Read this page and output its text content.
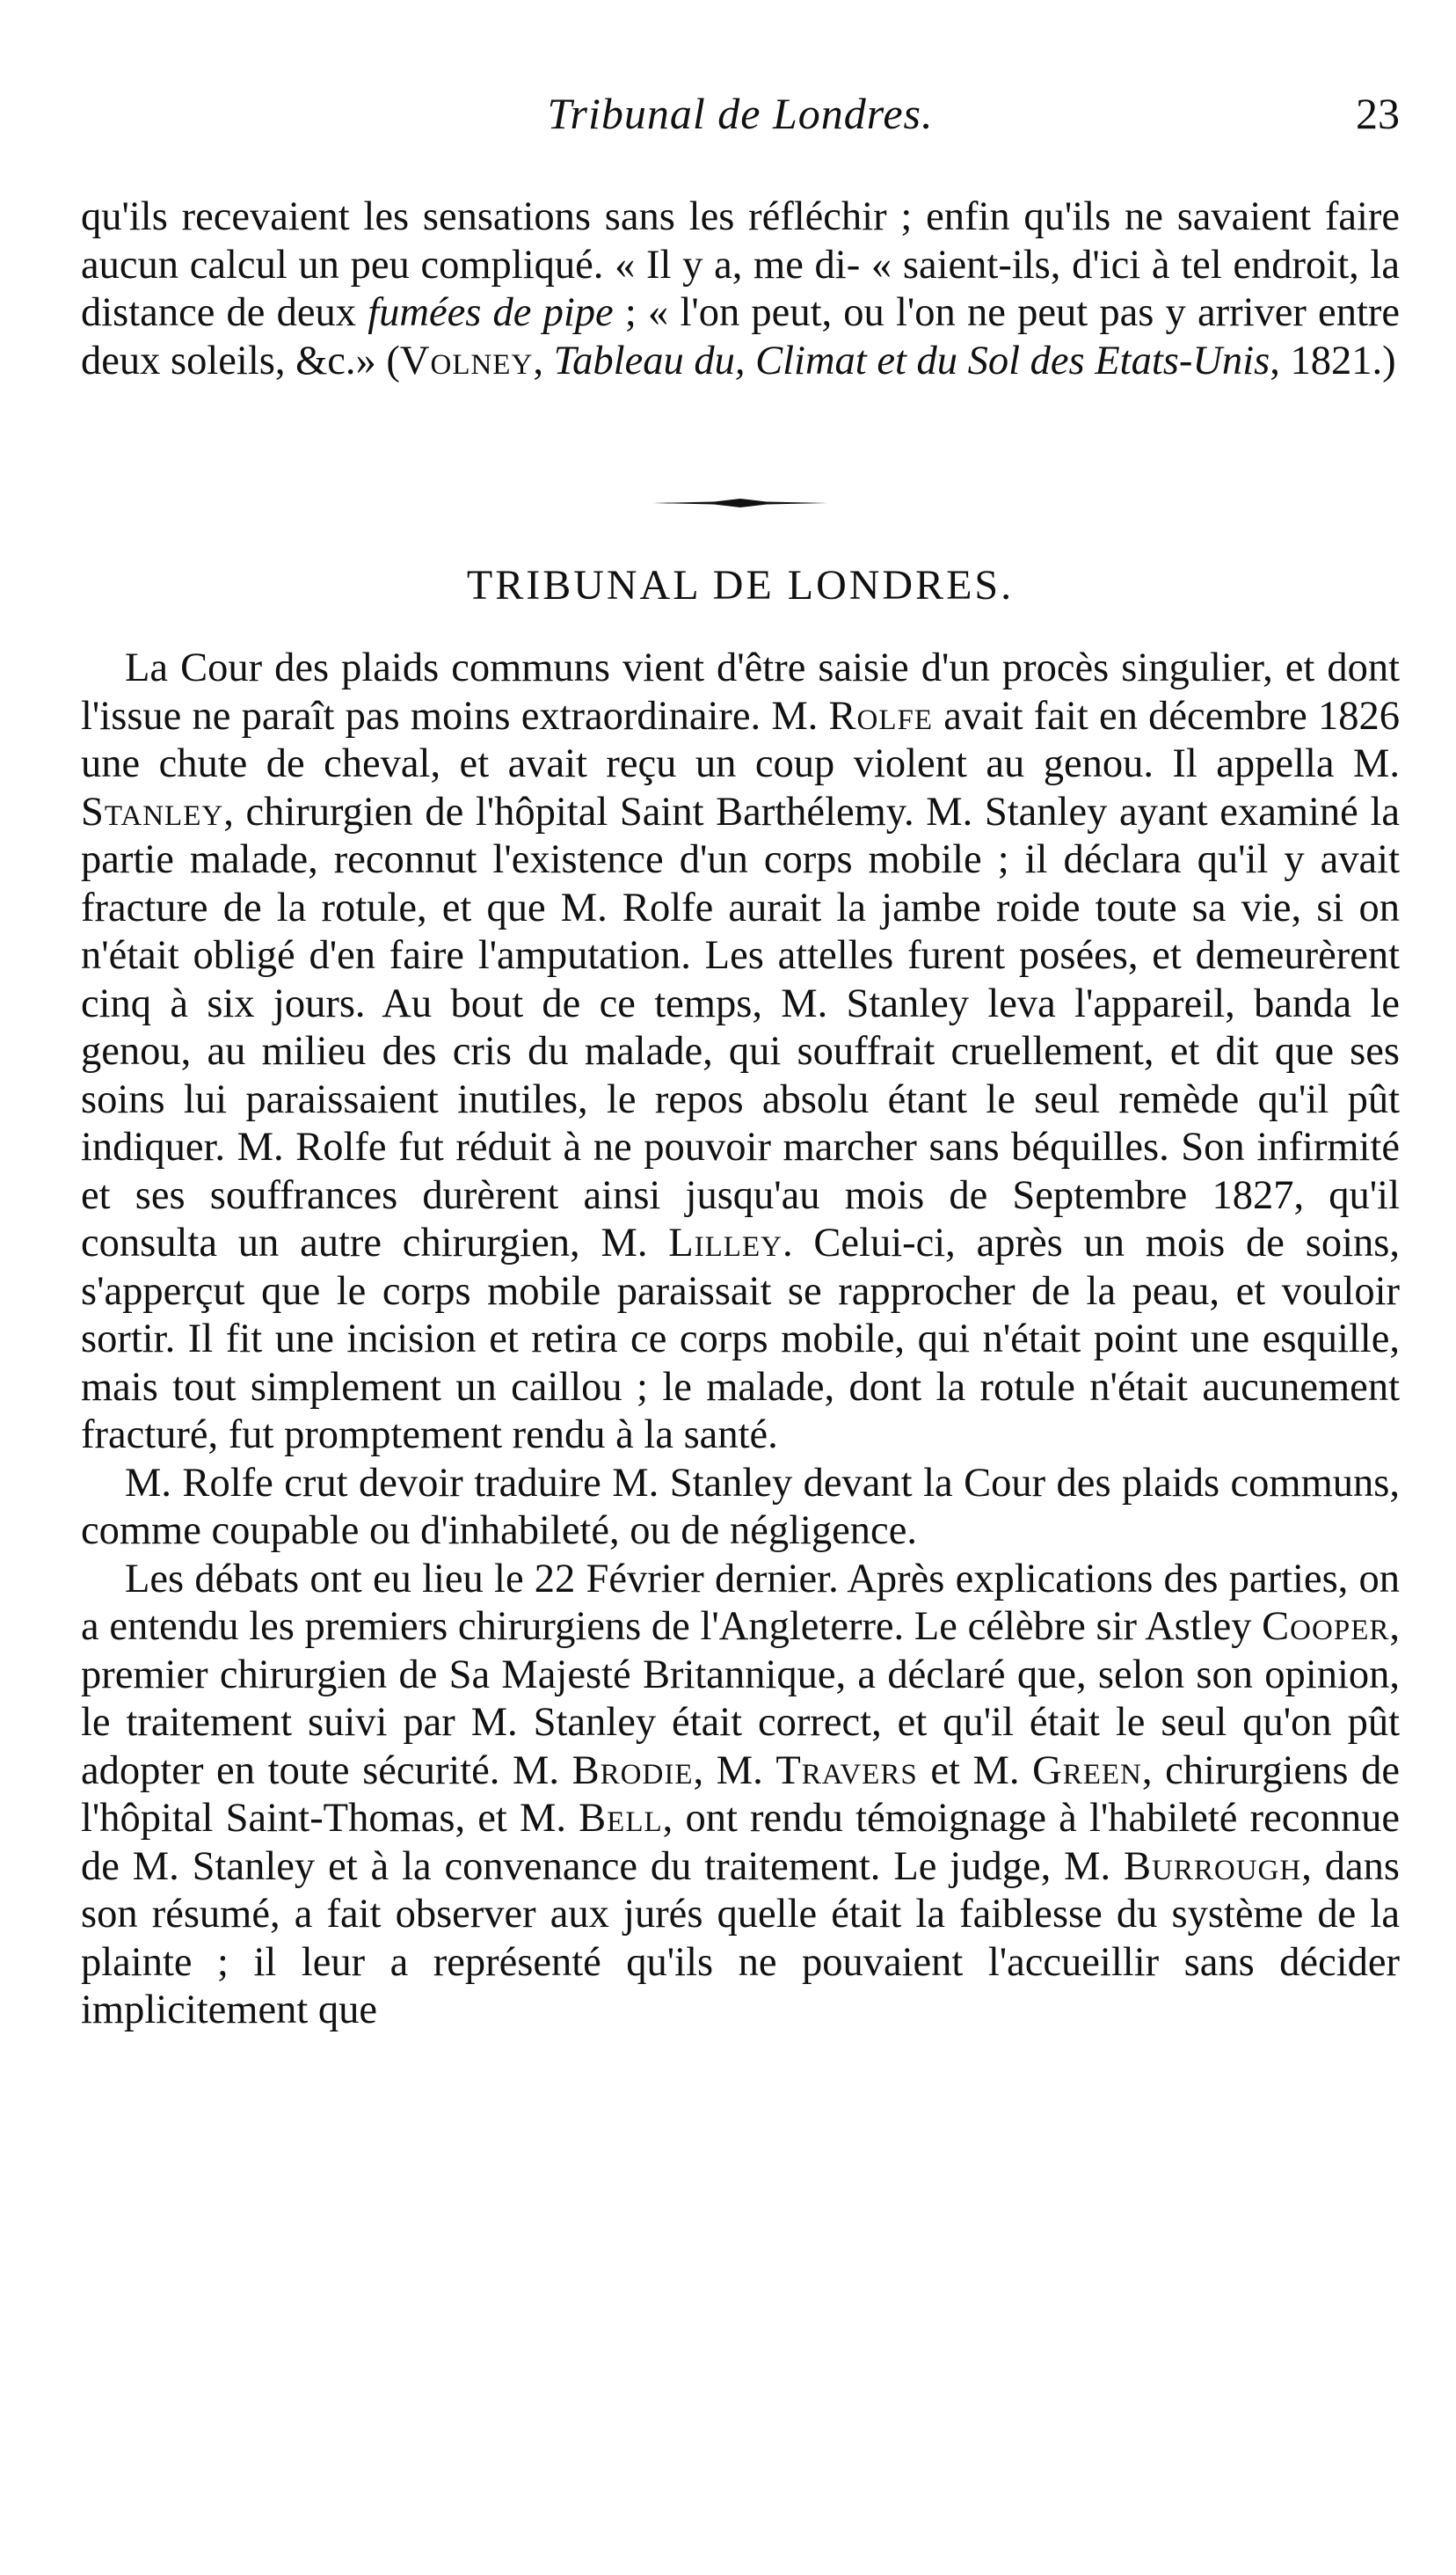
Tribunal de Londres.	23

qu'ils recevaient les sensations sans les réfléchir ; enfin qu'ils ne savaient faire aucun calcul un peu compliqué. « Il y a, me di- « saient-ils, d'ici à tel endroit, la distance de deux fumées de pipe ; « l'on peut, ou l'on ne peut pas y arriver entre deux soleils, &c.» (Volney, Tableau du, Climat et du Sol des Etats-Unis, 1821.)

TRIBUNAL DE LONDRES.

La Cour des plaids communs vient d'être saisie d'un procès singulier, et dont l'issue ne paraît pas moins extraordinaire. M. Rolfe avait fait en décembre 1826 une chute de cheval, et avait reçu un coup violent au genou. Il appella M. Stanley, chirurgien de l'hôpital Saint Barthélemy. M. Stanley ayant examiné la partie malade, reconnut l'existence d'un corps mobile ; il déclara qu'il y avait fracture de la rotule, et que M. Rolfe aurait la jambe roide toute sa vie, si on n'était obligé d'en faire l'amputation. Les attelles furent posées, et demeurèrent cinq à six jours. Au bout de ce temps, M. Stanley leva l'appareil, banda le genou, au milieu des cris du malade, qui souffrait cruellement, et dit que ses soins lui paraissaient inutiles, le repos absolu étant le seul remède qu'il pût indiquer. M. Rolfe fut réduit à ne pouvoir marcher sans béquilles. Son infirmité et ses souffrances durèrent ainsi jusqu'au mois de Septembre 1827, qu'il consulta un autre chirurgien, M. Lilley. Celui-ci, après un mois de soins, s'apperçut que le corps mobile paraissait se rapprocher de la peau, et vouloir sortir. Il fit une incision et retira ce corps mobile, qui n'était point une esquille, mais tout simplement un caillou ; le malade, dont la rotule n'était aucunement fracturé, fut promptement rendu à la santé.

M. Rolfe crut devoir traduire M. Stanley devant la Cour des plaids communs, comme coupable ou d'inhabileté, ou de négligence.

Les débats ont eu lieu le 22 Février dernier. Après explications des parties, on a entendu les premiers chirurgiens de l'Angleterre. Le célèbre sir Astley Cooper, premier chirurgien de Sa Majesté Britannique, a déclaré que, selon son opinion, le traitement suivi par M. Stanley était correct, et qu'il était le seul qu'on pût adopter en toute sécurité. M. Brodie, M. Travers et M. Green, chirurgiens de l'hôpital Saint-Thomas, et M. Bell, ont rendu témoignage à l'habileté reconnue de M. Stanley et à la convenance du traitement. Le judge, M. Burrough, dans son résumé, a fait observer aux jurés quelle était la faiblesse du système de la plainte ; il leur a représenté qu'ils ne pouvaient l'accueillir sans décider implicitement que
